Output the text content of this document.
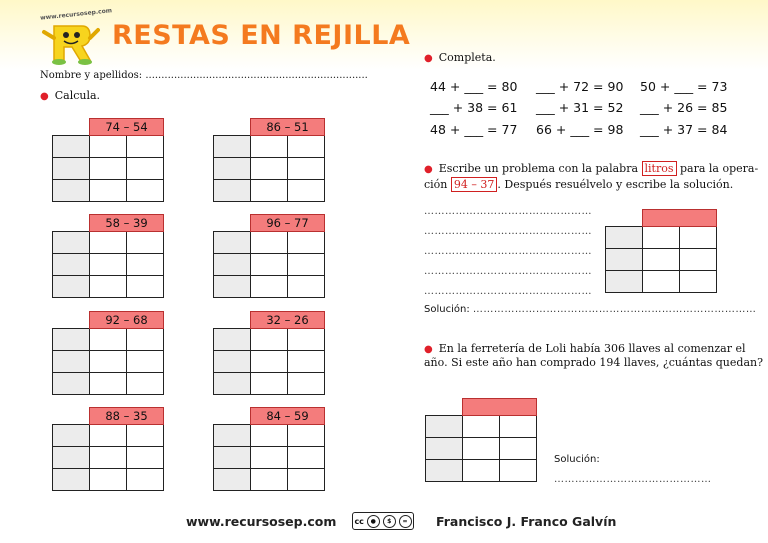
www.recursosep.com
RESTAS EN REJILLA
Nombre y apellidos: ......................................................................
● Calcula.
	74 – 54	

		86 – 51	

	58 – 39	

		96 – 77	

	92 – 68	

		32 – 26	

	88 – 35	

		84 – 59	

● Completa.
44 + ___ = 80 ___ + 72 = 90 50 + ___ = 73
___ + 38 = 61 ___ + 31 = 52 ___ + 26 = 85
48 + ___ = 77 66 + ___ = 98 ___ + 37 = 84
● Escribe un problema con la palabra litros para la opera-
ción 94 – 37 . Después resuélvelo y escribe la solución.
…………………………………………
…………………………………………
…………………………………………
…………………………………………
…………………………………………
Solución: ………………………………………………………………………
● En la ferretería de Loli había 306 llaves al comenzar el
año. Si este año han comprado 194 llaves, ¿cuántas quedan?
Solución:
………………………………………

www.recursosep.com cc	●	$	=	Francisco J. Franco Galvín
